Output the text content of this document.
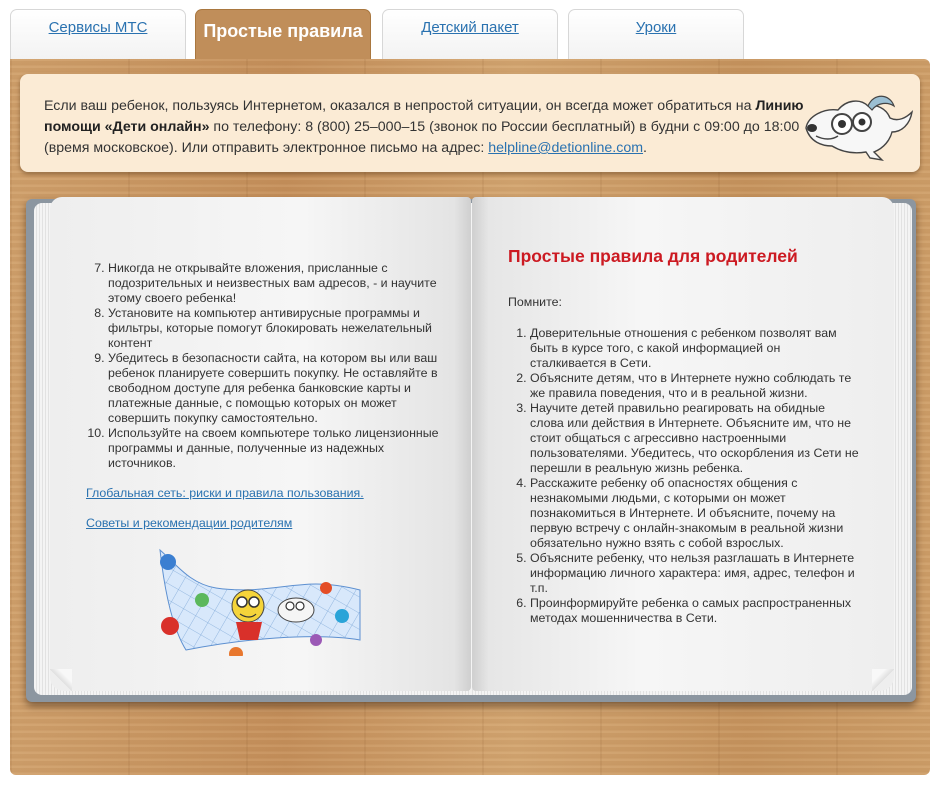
Сервисы МТС	Простые правила	Детский пакет	Уроки
Если ваш ребенок, пользуясь Интернетом, оказался в непростой ситуации, он всегда может обратиться на Линию помощи «Дети онлайн» по телефону: 8 (800) 25–000–15 (звонок по России бесплатный) в будни с 09:00 до 18:00 (время московское). Или отправить электронное письмо на адрес: helpline@detionline.com.
7. Никогда не открывайте вложения, присланные с подозрительных и неизвестных вам адресов, - и научите этому своего ребенка!
8. Установите на компьютер антивирусные программы и фильтры, которые помогут блокировать нежелательный контент
9. Убедитесь в безопасности сайта, на котором вы или ваш ребенок планируете совершить покупку. Не оставляйте в свободном доступе для ребенка банковские карты и платежные данные, с помощью которых он может совершить покупку самостоятельно.
10. Используйте на своем компьютере только лицензионные программы и данные, полученные из надежных источников.
Глобальная сеть: риски и правила пользования.
Советы и рекомендации родителям
Простые правила для родителей
Помните:
1. Доверительные отношения с ребенком позволят вам быть в курсе того, с какой информацией он сталкивается в Сети.
2. Объясните детям, что в Интернете нужно соблюдать те же правила поведения, что и в реальной жизни.
3. Научите детей правильно реагировать на обидные слова или действия в Интернете. Объясните им, что не стоит общаться с агрессивно настроенными пользователями. Убедитесь, что оскорбления из Сети не перешли в реальную жизнь ребенка.
4. Расскажите ребенку об опасностях общения с незнакомыми людьми, с которыми он может познакомиться в Интернете. И объясните, почему на первую встречу с онлайн-знакомым в реальной жизни обязательно нужно взять с собой взрослых.
5. Объясните ребенку, что нельзя разглашать в Интернете информацию личного характера: имя, адрес, телефон и т.п.
6. Проинформируйте ребенка о самых распространенных методах мошенничества в Сети.
